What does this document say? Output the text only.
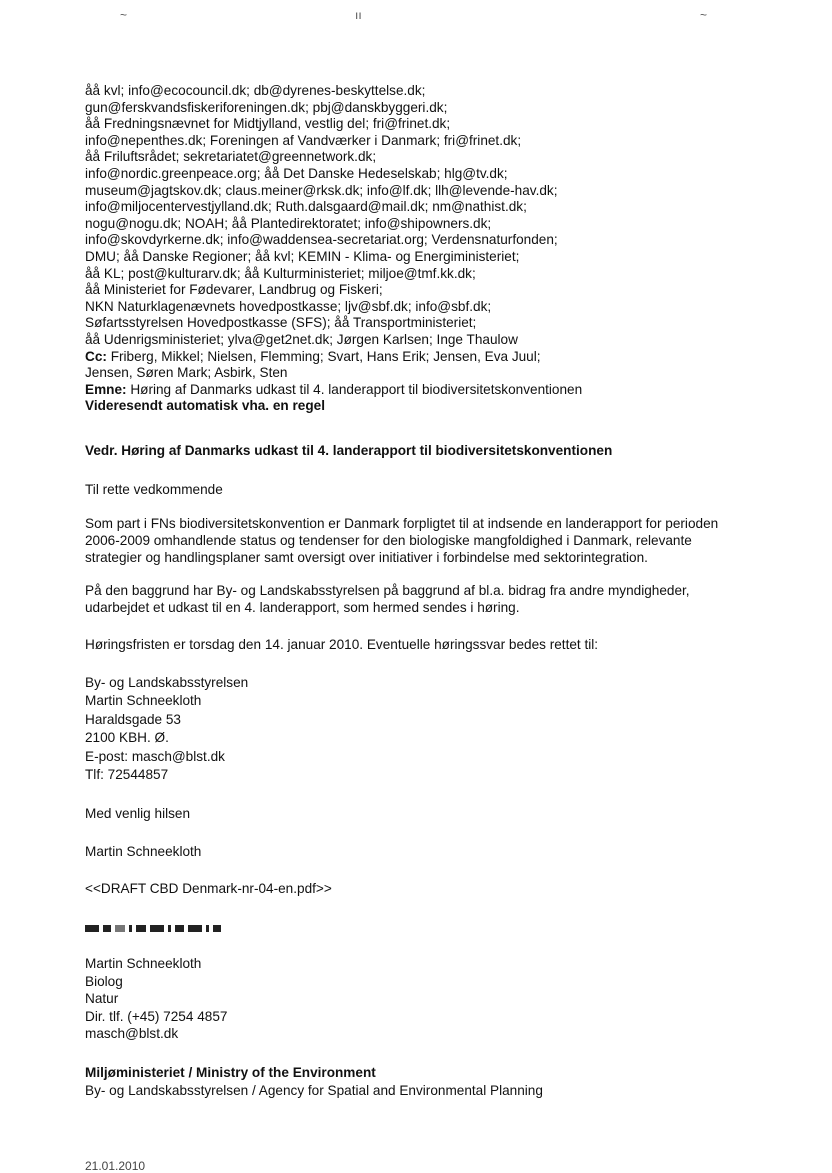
~	ıı	~
åå kvl; info@ecocouncil.dk; db@dyrenes-beskyttelse.dk;
gun@ferskvandsfiskeriforeningen.dk; pbj@danskbyggeri.dk;
åå Fredningsnævnet for Midtjylland, vestlig del; fri@frinet.dk;
info@nepenthes.dk; Foreningen af Vandværker i Danmark; fri@frinet.dk;
åå Friluftsrådet; sekretariatet@greennetwork.dk;
info@nordic.greenpeace.org; åå Det Danske Hedeselskab; hlg@tv.dk;
museum@jagtskov.dk; claus.meiner@rksk.dk; info@lf.dk; llh@levende-hav.dk;
info@miljocentervestjylland.dk; Ruth.dalsgaard@mail.dk; nm@nathist.dk;
nogu@nogu.dk; NOAH; åå Plantedirektoratet; info@shipowners.dk;
info@skovdyrkerne.dk; info@waddensea-secretariat.org; Verdensnaturfonden;
DMU; åå Danske Regioner; åå kvl; KEMIN - Klima- og Energiministeriet;
åå KL; post@kulturarv.dk; åå Kulturministeriet; miljoe@tmf.kk.dk;
åå Ministeriet for Fødevarer, Landbrug og Fiskeri;
NKN Naturklagenævnets hovedpostkasse; ljv@sbf.dk; info@sbf.dk;
Søfartsstyrelsen Hovedpostkasse (SFS); åå Transportministeriet;
åå Udenrigsministeriet; ylva@get2net.dk; Jørgen Karlsen; Inge Thaulow
Cc: Friberg, Mikkel; Nielsen, Flemming; Svart, Hans Erik; Jensen, Eva Juul;
Jensen, Søren Mark; Asbirk, Sten
Emne: Høring af Danmarks udkast til 4. landerapport til biodiversitetskonventionen
Videresendt automatisk vha. en regel
Vedr. Høring af Danmarks udkast til 4. landerapport til biodiversitetskonventionen
Til rette vedkommende
Som part i FNs biodiversitetskonvention er Danmark forpligtet til at indsende en landerapport for perioden
2006-2009 omhandlende status og tendenser for den biologiske mangfoldighed i Danmark, relevante
strategier og handlingsplaner samt oversigt over initiativer i forbindelse med sektorintegration.
På den baggrund har By- og Landskabsstyrelsen på baggrund af bl.a. bidrag fra andre myndigheder,
udarbejdet et udkast til en 4. landerapport, som hermed sendes i høring.
Høringsfristen er torsdag den 14. januar 2010. Eventuelle høringssvar bedes rettet til:
By- og Landskabsstyrelsen
Martin Schneekloth
Haraldsgade 53
2100 KBH. Ø.
E-post: masch@blst.dk
Tlf: 72544857
Med venlig hilsen
Martin Schneekloth
<<DRAFT CBD Denmark-nr-04-en.pdf>>
Martin Schneekloth
Biolog
Natur
Dir. tlf. (+45) 7254 4857
masch@blst.dk
Miljøministeriet / Ministry of the Environment
By- og Landskabsstyrelsen / Agency for Spatial and Environmental Planning
21.01.2010
